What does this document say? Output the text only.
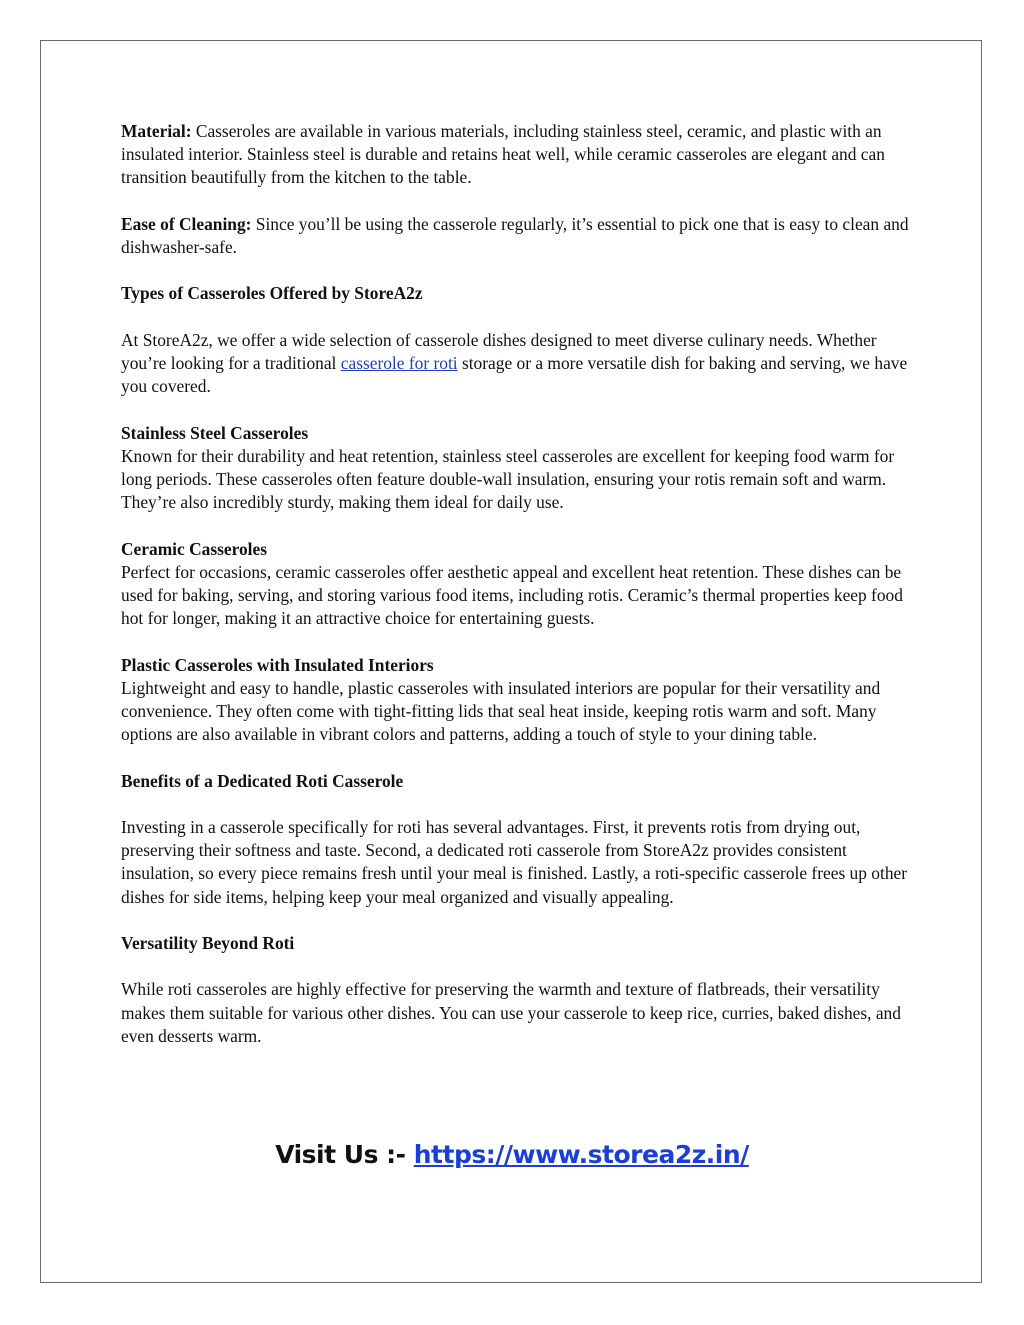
Material: Casseroles are available in various materials, including stainless steel, ceramic, and plastic with an insulated interior. Stainless steel is durable and retains heat well, while ceramic casseroles are elegant and can transition beautifully from the kitchen to the table.

Ease of Cleaning: Since you’ll be using the casserole regularly, it’s essential to pick one that is easy to clean and dishwasher-safe.

Types of Casseroles Offered by StoreA2z

At StoreA2z, we offer a wide selection of casserole dishes designed to meet diverse culinary needs. Whether you’re looking for a traditional casserole for roti storage or a more versatile dish for baking and serving, we have you covered.

Stainless Steel Casseroles
Known for their durability and heat retention, stainless steel casseroles are excellent for keeping food warm for long periods. These casseroles often feature double-wall insulation, ensuring your rotis remain soft and warm. They’re also incredibly sturdy, making them ideal for daily use.

Ceramic Casseroles
Perfect for occasions, ceramic casseroles offer aesthetic appeal and excellent heat retention. These dishes can be used for baking, serving, and storing various food items, including rotis. Ceramic’s thermal properties keep food hot for longer, making it an attractive choice for entertaining guests.

Plastic Casseroles with Insulated Interiors
Lightweight and easy to handle, plastic casseroles with insulated interiors are popular for their versatility and convenience. They often come with tight-fitting lids that seal heat inside, keeping rotis warm and soft. Many options are also available in vibrant colors and patterns, adding a touch of style to your dining table.

Benefits of a Dedicated Roti Casserole

Investing in a casserole specifically for roti has several advantages. First, it prevents rotis from drying out, preserving their softness and taste. Second, a dedicated roti casserole from StoreA2z provides consistent insulation, so every piece remains fresh until your meal is finished. Lastly, a roti-specific casserole frees up other dishes for side items, helping keep your meal organized and visually appealing.

Versatility Beyond Roti

While roti casseroles are highly effective for preserving the warmth and texture of flatbreads, their versatility makes them suitable for various other dishes. You can use your casserole to keep rice, curries, baked dishes, and even desserts warm.

Visit Us :- https://www.storea2z.in/
